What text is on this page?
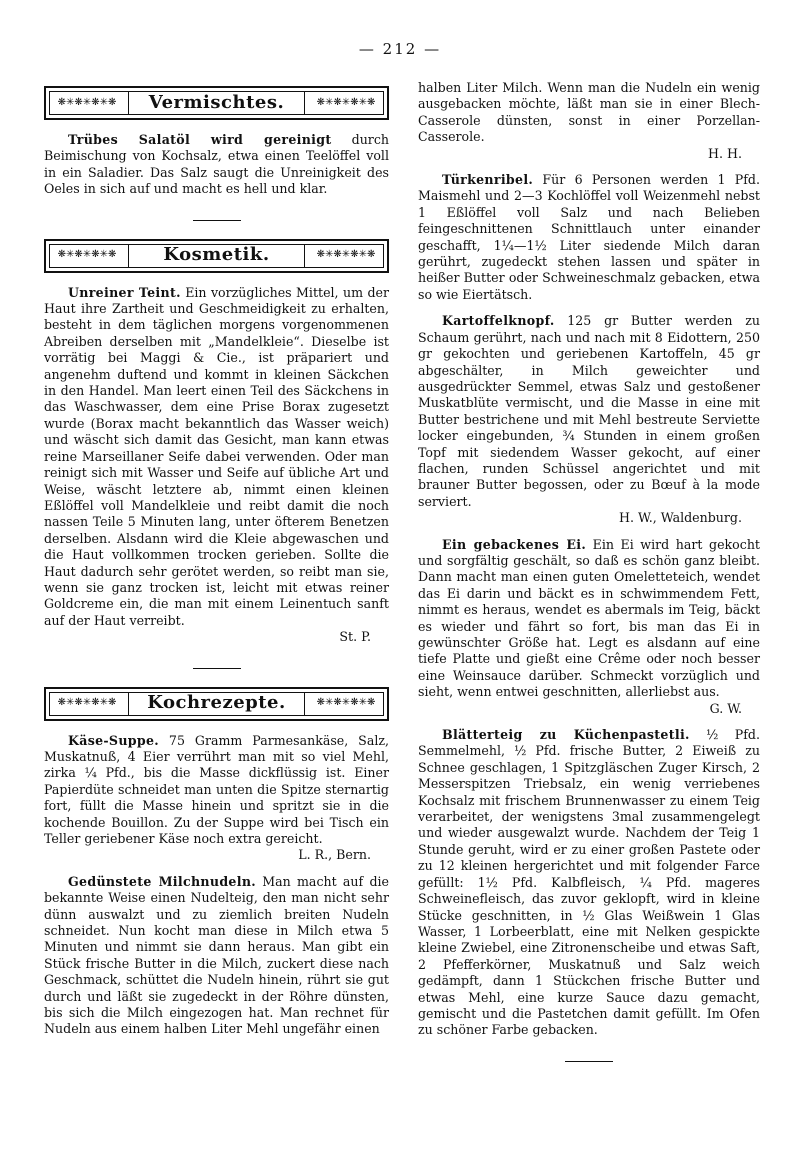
— 212 —
❋✳❋✳❋✳❋	Vermischtes.	❋✳❋✳❋✳❋

Trübes Salatöl wird gereinigt durch Beimischung von Kochsalz, etwa einen Teelöffel voll in ein Saladier. Das Salz saugt die Unreinigkeit des Oeles in sich auf und macht es hell und klar.

❋✳❋✳❋✳❋	Kosmetik.	❋✳❋✳❋✳❋

Unreiner Teint. Ein vorzügliches Mittel, um der Haut ihre Zartheit und Geschmeidigkeit zu erhalten, besteht in dem täglichen morgens vorgenommenen Abreiben derselben mit „Mandelkleie“. Dieselbe ist vorrätig bei Maggi & Cie., ist präpariert und angenehm duftend und kommt in kleinen Säckchen in den Handel. Man leert einen Teil des Säckchens in das Waschwasser, dem eine Prise Borax zugesetzt wurde (Borax macht bekanntlich das Wasser weich) und wäscht sich damit das Gesicht, man kann etwas reine Marseillaner Seife dabei verwenden. Oder man reinigt sich mit Wasser und Seife auf übliche Art und Weise, wäscht letztere ab, nimmt einen kleinen Eßlöffel voll Mandelkleie und reibt damit die noch nassen Teile 5 Minuten lang, unter öfterem Benetzen derselben. Alsdann wird die Kleie abgewaschen und die Haut vollkommen trocken gerieben. Sollte die Haut dadurch sehr gerötet werden, so reibt man sie, wenn sie ganz trocken ist, leicht mit etwas reiner Goldcreme ein, die man mit einem Leinentuch sanft auf der Haut verreibt.

St. P.
❋✳❋✳❋✳❋	Kochrezepte.	❋✳❋✳❋✳❋

Käse-Suppe. 75 Gramm Parmesankäse, Salz, Muskatnuß, 4 Eier verrührt man mit so viel Mehl, zirka ¼ Pfd., bis die Masse dickflüssig ist. Einer Papierdüte schneidet man unten die Spitze sternartig fort, füllt die Masse hinein und spritzt sie in die kochende Bouillon. Zu der Suppe wird bei Tisch ein Teller geriebener Käse noch extra gereicht.

L. R., Bern.

Gedünstete Milchnudeln. Man macht auf die bekannte Weise einen Nudelteig, den man nicht sehr dünn auswalzt und zu ziemlich breiten Nudeln schneidet. Nun kocht man diese in Milch etwa 5 Minuten und nimmt sie dann heraus. Man gibt ein Stück frische Butter in die Milch, zuckert diese nach Geschmack, schüttet die Nudeln hinein, rührt sie gut durch und läßt sie zugedeckt in der Röhre dünsten, bis sich die Milch eingezogen hat. Man rechnet für Nudeln aus einem halben Liter Mehl ungefähr einen

halben Liter Milch. Wenn man die Nudeln ein wenig ausgebacken möchte, läßt man sie in einer Blech-Casserole dünsten, sonst in einer Porzellan-Casserole.

H. H.

Türkenribel. Für 6 Personen werden 1 Pfd. Maismehl und 2—3 Kochlöffel voll Weizenmehl nebst 1 Eßlöffel voll Salz und nach Belieben feingeschnittenen Schnittlauch unter einander geschafft, 1¼—1½ Liter siedende Milch daran gerührt, zugedeckt stehen lassen und später in heißer Butter oder Schweineschmalz gebacken, etwa so wie Eiertätsch.

Kartoffelknopf. 125 gr Butter werden zu Schaum gerührt, nach und nach mit 8 Eidottern, 250 gr gekochten und geriebenen Kartoffeln, 45 gr abgeschälter, in Milch geweichter und ausgedrückter Semmel, etwas Salz und gestoßener Muskatblüte vermischt, und die Masse in eine mit Butter bestrichene und mit Mehl bestreute Serviette locker eingebunden, ¾ Stunden in einem großen Topf mit siedendem Wasser gekocht, auf einer flachen, runden Schüssel angerichtet und mit brauner Butter begossen, oder zu Bœuf à la mode serviert.

H. W., Waldenburg.

Ein gebackenes Ei. Ein Ei wird hart gekocht und sorgfältig geschält, so daß es schön ganz bleibt. Dann macht man einen guten Omeletteteich, wendet das Ei darin und bäckt es in schwimmendem Fett, nimmt es heraus, wendet es abermals im Teig, bäckt es wieder und fährt so fort, bis man das Ei in gewünschter Größe hat. Legt es alsdann auf eine tiefe Platte und gießt eine Crême oder noch besser eine Weinsauce darüber. Schmeckt vorzüglich und sieht, wenn entwei geschnitten, allerliebst aus.

G. W.

Blätterteig zu Küchenpastetli. ½ Pfd. Semmelmehl, ½ Pfd. frische Butter, 2 Eiweiß zu Schnee geschlagen, 1 Spitzgläschen Zuger Kirsch, 2 Messerspitzen Triebsalz, ein wenig verriebenes Kochsalz mit frischem Brunnenwasser zu einem Teig verarbeitet, der wenigstens 3mal zusammengelegt und wieder ausgewalzt wurde. Nachdem der Teig 1 Stunde geruht, wird er zu einer großen Pastete oder zu 12 kleinen hergerichtet und mit folgender Farce gefüllt: 1½ Pfd. Kalbfleisch, ¼ Pfd. mageres Schweinefleisch, das zuvor geklopft, wird in kleine Stücke geschnitten, in ½ Glas Weißwein 1 Glas Wasser, 1 Lorbeerblatt, eine mit Nelken gespickte kleine Zwiebel, eine Zitronenscheibe und etwas Saft, 2 Pfefferkörner, Muskatnuß und Salz weich gedämpft, dann 1 Stückchen frische Butter und etwas Mehl, eine kurze Sauce dazu gemacht, gemischt und die Pastetchen damit gefüllt. Im Ofen zu schöner Farbe gebacken.
